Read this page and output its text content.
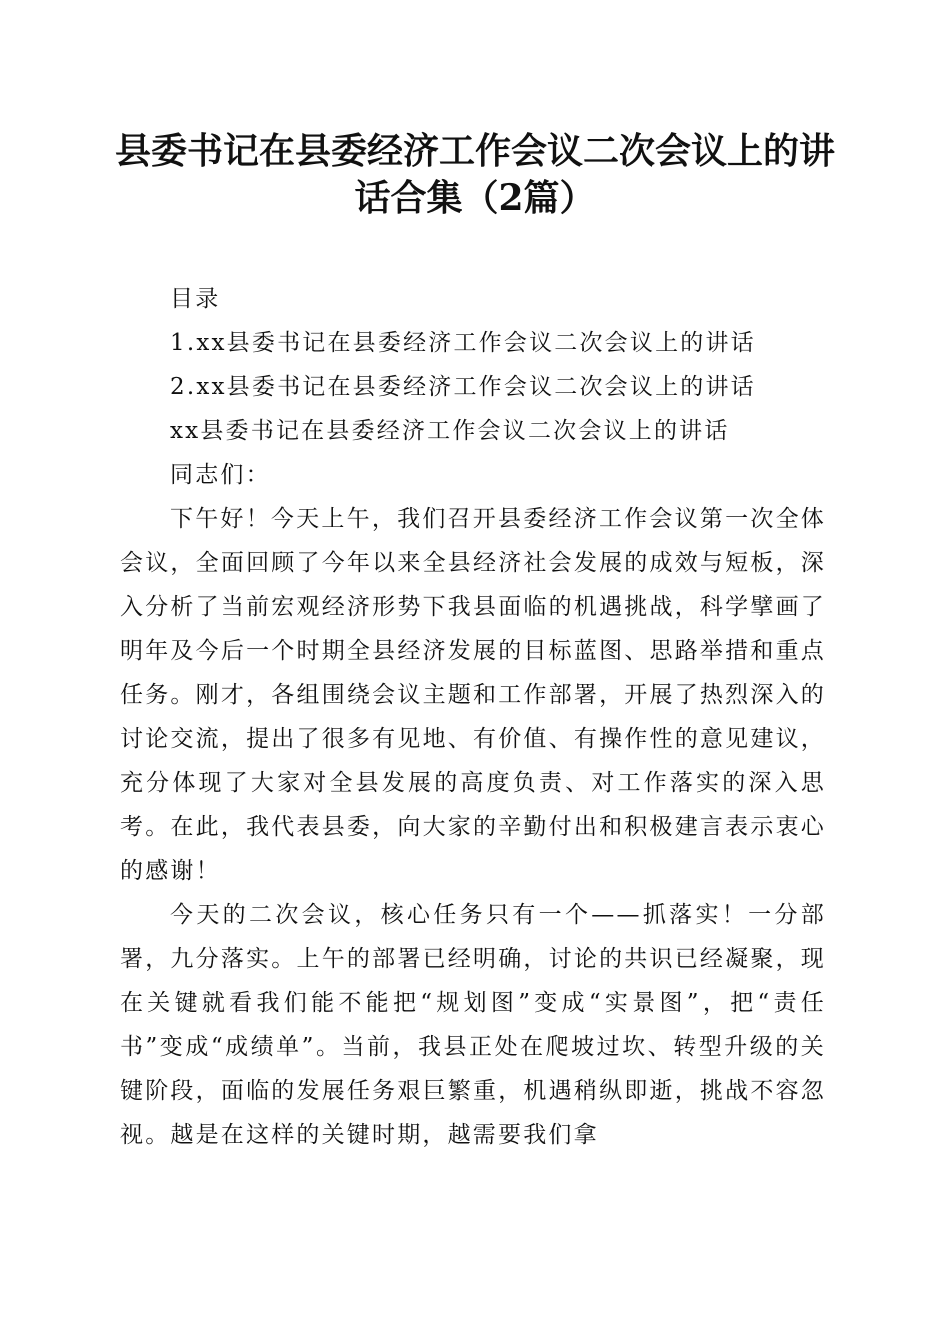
县委书记在县委经济工作会议二次会议上的讲话合集（2篇）

目录

1.xx县委书记在县委经济工作会议二次会议上的讲话

2.xx县委书记在县委经济工作会议二次会议上的讲话

xx县委书记在县委经济工作会议二次会议上的讲话

同志们：

下午好！今天上午，我们召开县委经济工作会议第一次全体会议，全面回顾了今年以来全县经济社会发展的成效与短板，深入分析了当前宏观经济形势下我县面临的机遇挑战，科学擘画了明年及今后一个时期全县经济发展的目标蓝图、思路举措和重点任务。刚才，各组围绕会议主题和工作部署，开展了热烈深入的讨论交流，提出了很多有见地、有价值、有操作性的意见建议，充分体现了大家对全县发展的高度负责、对工作落实的深入思考。在此，我代表县委，向大家的辛勤付出和积极建言表示衷心的感谢！

今天的二次会议，核心任务只有一个——抓落实！一分部署，九分落实。上午的部署已经明确，讨论的共识已经凝聚，现在关键就看我们能不能把“规划图”变成“实景图”，把“责任书”变成“成绩单”。当前，我县正处在爬坡过坎、转型升级的关键阶段，面临的发展任务艰巨繁重，机遇稍纵即逝，挑战不容忽视。越是在这样的关键时期，越需要我们拿
